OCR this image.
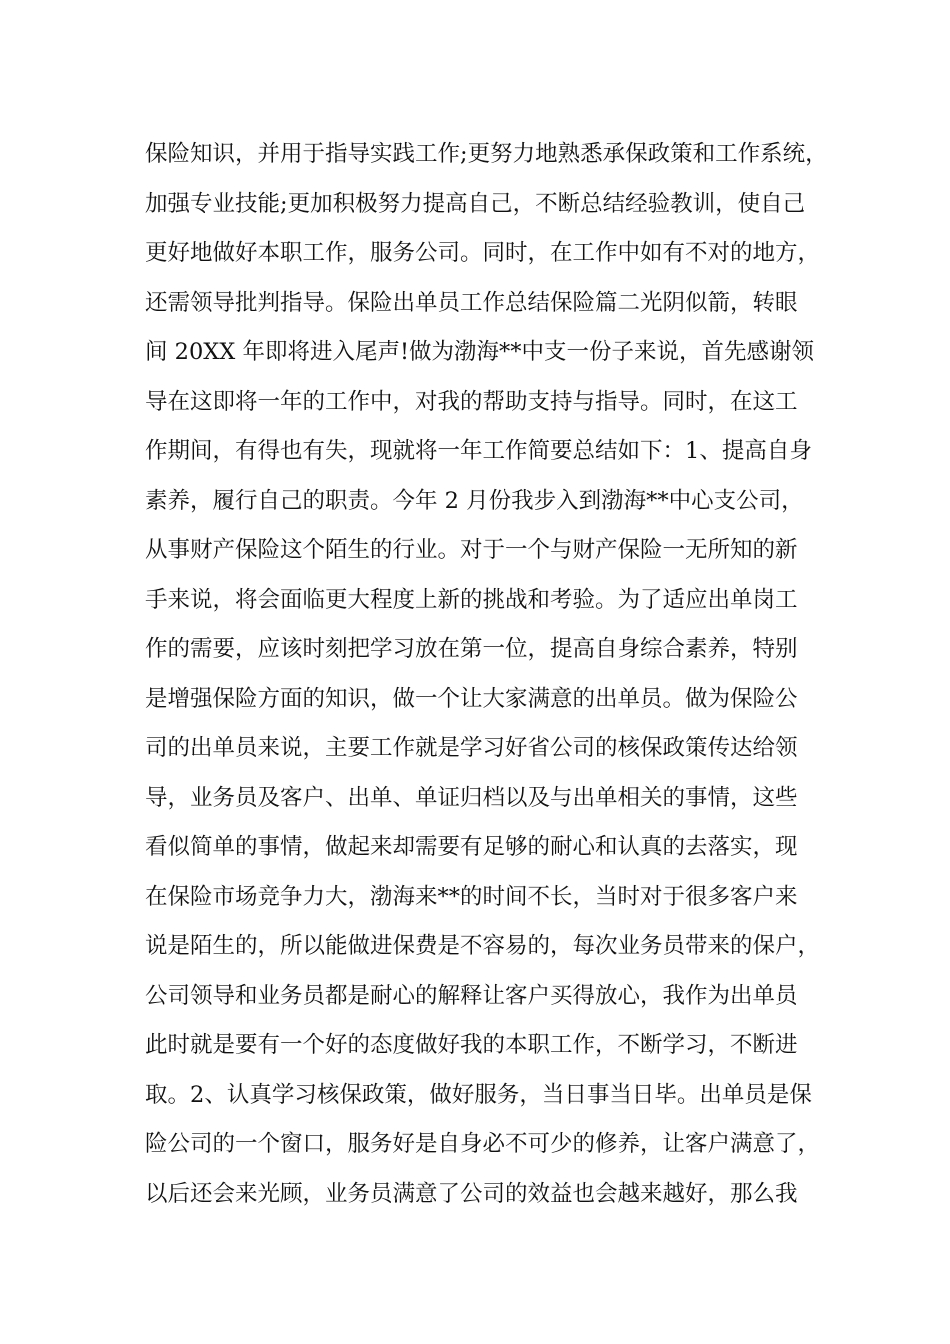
保险知识，并用于指导实践工作;更努力地熟悉承保政策和工作系统，
加强专业技能;更加积极努力提高自己，不断总结经验教训，使自己
更好地做好本职工作，服务公司。同时，在工作中如有不对的地方，
还需领导批判指导。保险出单员工作总结保险篇二光阴似箭，转眼
间 20XX 年即将进入尾声!做为渤海**中支一份子来说，首先感谢领
导在这即将一年的工作中，对我的帮助支持与指导。同时，在这工
作期间，有得也有失，现就将一年工作简要总结如下：1、提高自身
素养，履行自己的职责。今年 2 月份我步入到渤海**中心支公司，
从事财产保险这个陌生的行业。对于一个与财产保险一无所知的新
手来说，将会面临更大程度上新的挑战和考验。为了适应出单岗工
作的需要，应该时刻把学习放在第一位，提高自身综合素养，特别
是增强保险方面的知识，做一个让大家满意的出单员。做为保险公
司的出单员来说，主要工作就是学习好省公司的核保政策传达给领
导，业务员及客户、出单、单证归档以及与出单相关的事情，这些
看似简单的事情，做起来却需要有足够的耐心和认真的去落实，现
在保险市场竞争力大，渤海来**的时间不长，当时对于很多客户来
说是陌生的，所以能做进保费是不容易的，每次业务员带来的保户，
公司领导和业务员都是耐心的解释让客户买得放心，我作为出单员
此时就是要有一个好的态度做好我的本职工作，不断学习，不断进
取。2、认真学习核保政策，做好服务，当日事当日毕。出单员是保
险公司的一个窗口，服务好是自身必不可少的修养，让客户满意了，
以后还会来光顾，业务员满意了公司的效益也会越来越好，那么我
